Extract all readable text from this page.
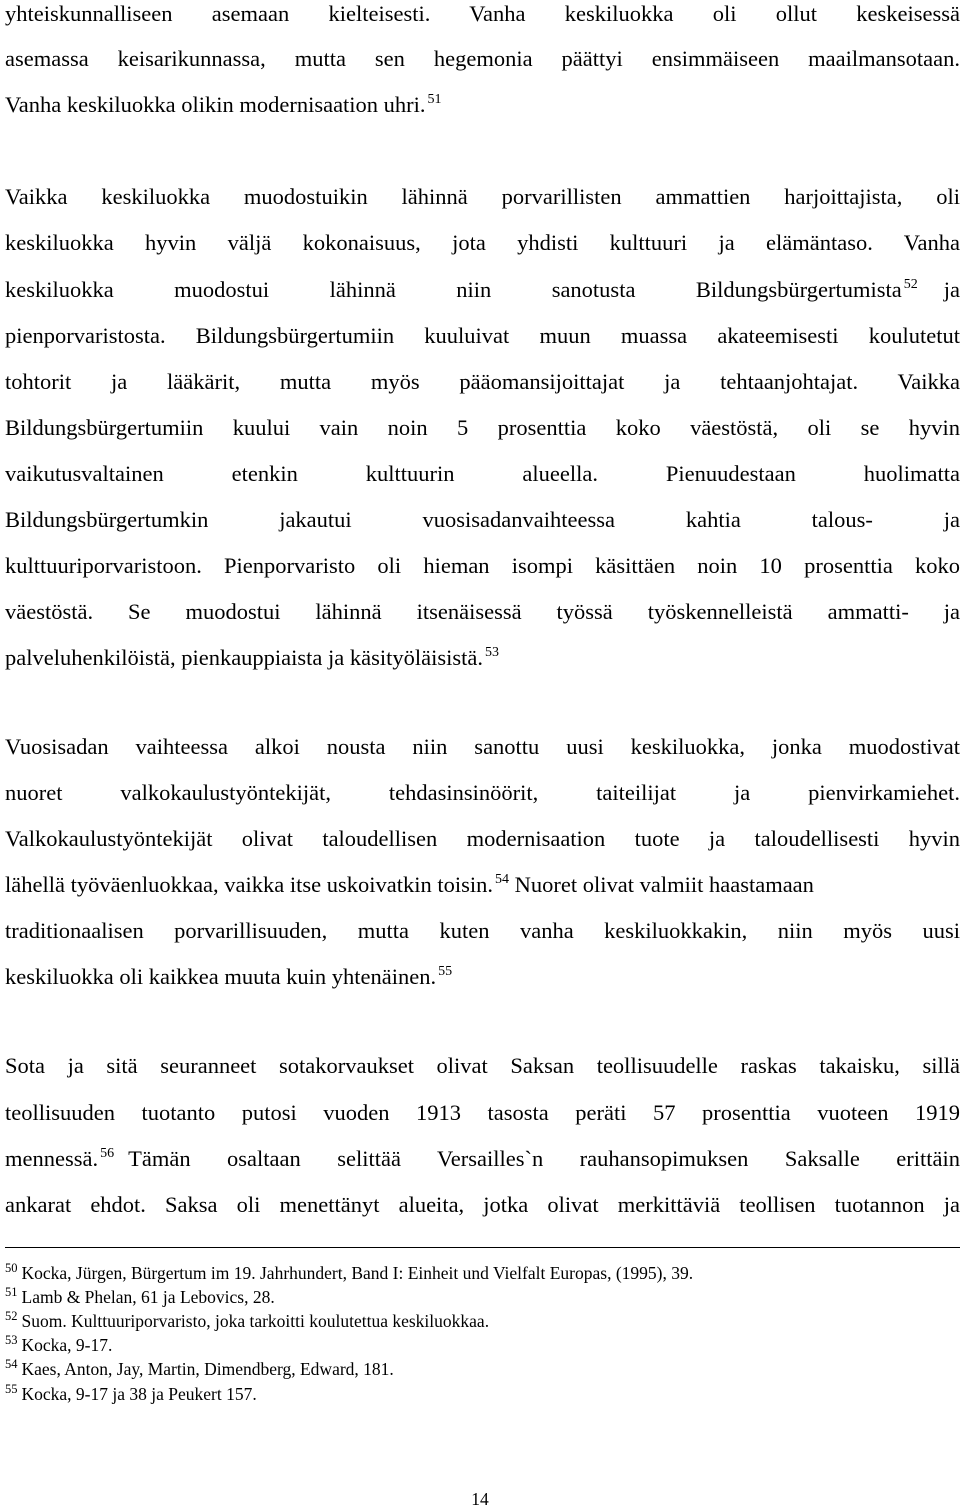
yhteiskunnalliseen asemaan kielteisesti. Vanha keskiluokka oli ollut keskeisessä
asemassa keisarikunnassa, mutta sen hegemonia päättyi ensimmäiseen maailmansotaan.
Vanha keskiluokka olikin modernisaation uhri. $^{51}$
Vaikka keskiluokka muodostuikin lähinnä porvarillisten ammattien harjoittajista, oli
keskiluokka hyvin väljä kokonaisuus, jota yhdisti kulttuuri ja elämäntaso. Vanha
keskiluokka	muodostui	lähinnä	niin	sanotusta	Bildungsbürgertumista $^{52}$ ja
pienporvaristosta. Bildungsbürgertumiin kuuluivat muun muassa akateemisesti koulutetut
tohtorit ja lääkärit, mutta myös pääomansijoittajat ja tehtaanjohtajat. Vaikka
Bildungsbürgertumiin kuului vain noin 5 prosenttia koko väestöstä, oli se hyvin
vaikutusvaltainen etenkin kulttuurin alueella. Pienuudestaan huolimatta
Bildungsbürgertumkin jakautui vuosisadanvaihteessa kahtia talous- ja
kulttuuriporvaristoon. Pienporvaristo oli hieman isompi käsittäen noin 10 prosenttia koko
väestöstä. Se muodostui lähinnä itsenäisessä työssä työskennelleistä ammatti- ja
palveluhenkilöistä, pienkauppiaista ja käsityöläisistä. $^{53}$
Vuosisadan vaihteessa alkoi nousta niin sanottu uusi keskiluokka, jonka muodostivat
nuoret valkokaulustyöntekijät, tehdasinsinöörit, taiteilijat ja pienvirkamiehet.
Valkokaulustyöntekijät olivat taloudellisen modernisaation tuote ja taloudellisesti hyvin
lähellä työväenluokkaa, vaikka itse uskoivatkin toisin. $^{54}$ Nuoret olivat valmiit haastamaan
traditionaalisen porvarillisuuden, mutta kuten vanha keskiluokkakin, niin myös uusi
keskiluokka oli kaikkea muuta kuin yhtenäinen. $^{55}$
Sota ja sitä seuranneet sotakorvaukset olivat Saksan teollisuudelle raskas takaisku, sillä
teollisuuden tuotanto putosi vuoden 1913 tasosta peräti 57 prosenttia vuoteen 1919
mennessä. $^{56}$ Tämän osaltaan selittää Versailles`n rauhansopimuksen Saksalle erittäin
ankarat ehdot. Saksa oli menettänyt alueita, jotka olivat merkittäviä teollisen tuotannon ja
$^{50}$ Kocka, Jürgen, Bürgertum im 19. Jahrhundert, Band I: Einheit und Vielfalt Europas, (1995), 39.
$^{51}$ Lamb & Phelan, 61 ja Lebovics, 28.
$^{52}$ Suom. Kulttuuriporvaristo, joka tarkoitti koulutettua keskiluokkaa.
$^{53}$ Kocka, 9-17.
$^{54}$ Kaes, Anton, Jay, Martin, Dimendberg, Edward, 181.
$^{55}$ Kocka, 9-17 ja 38 ja Peukert 157.
14
